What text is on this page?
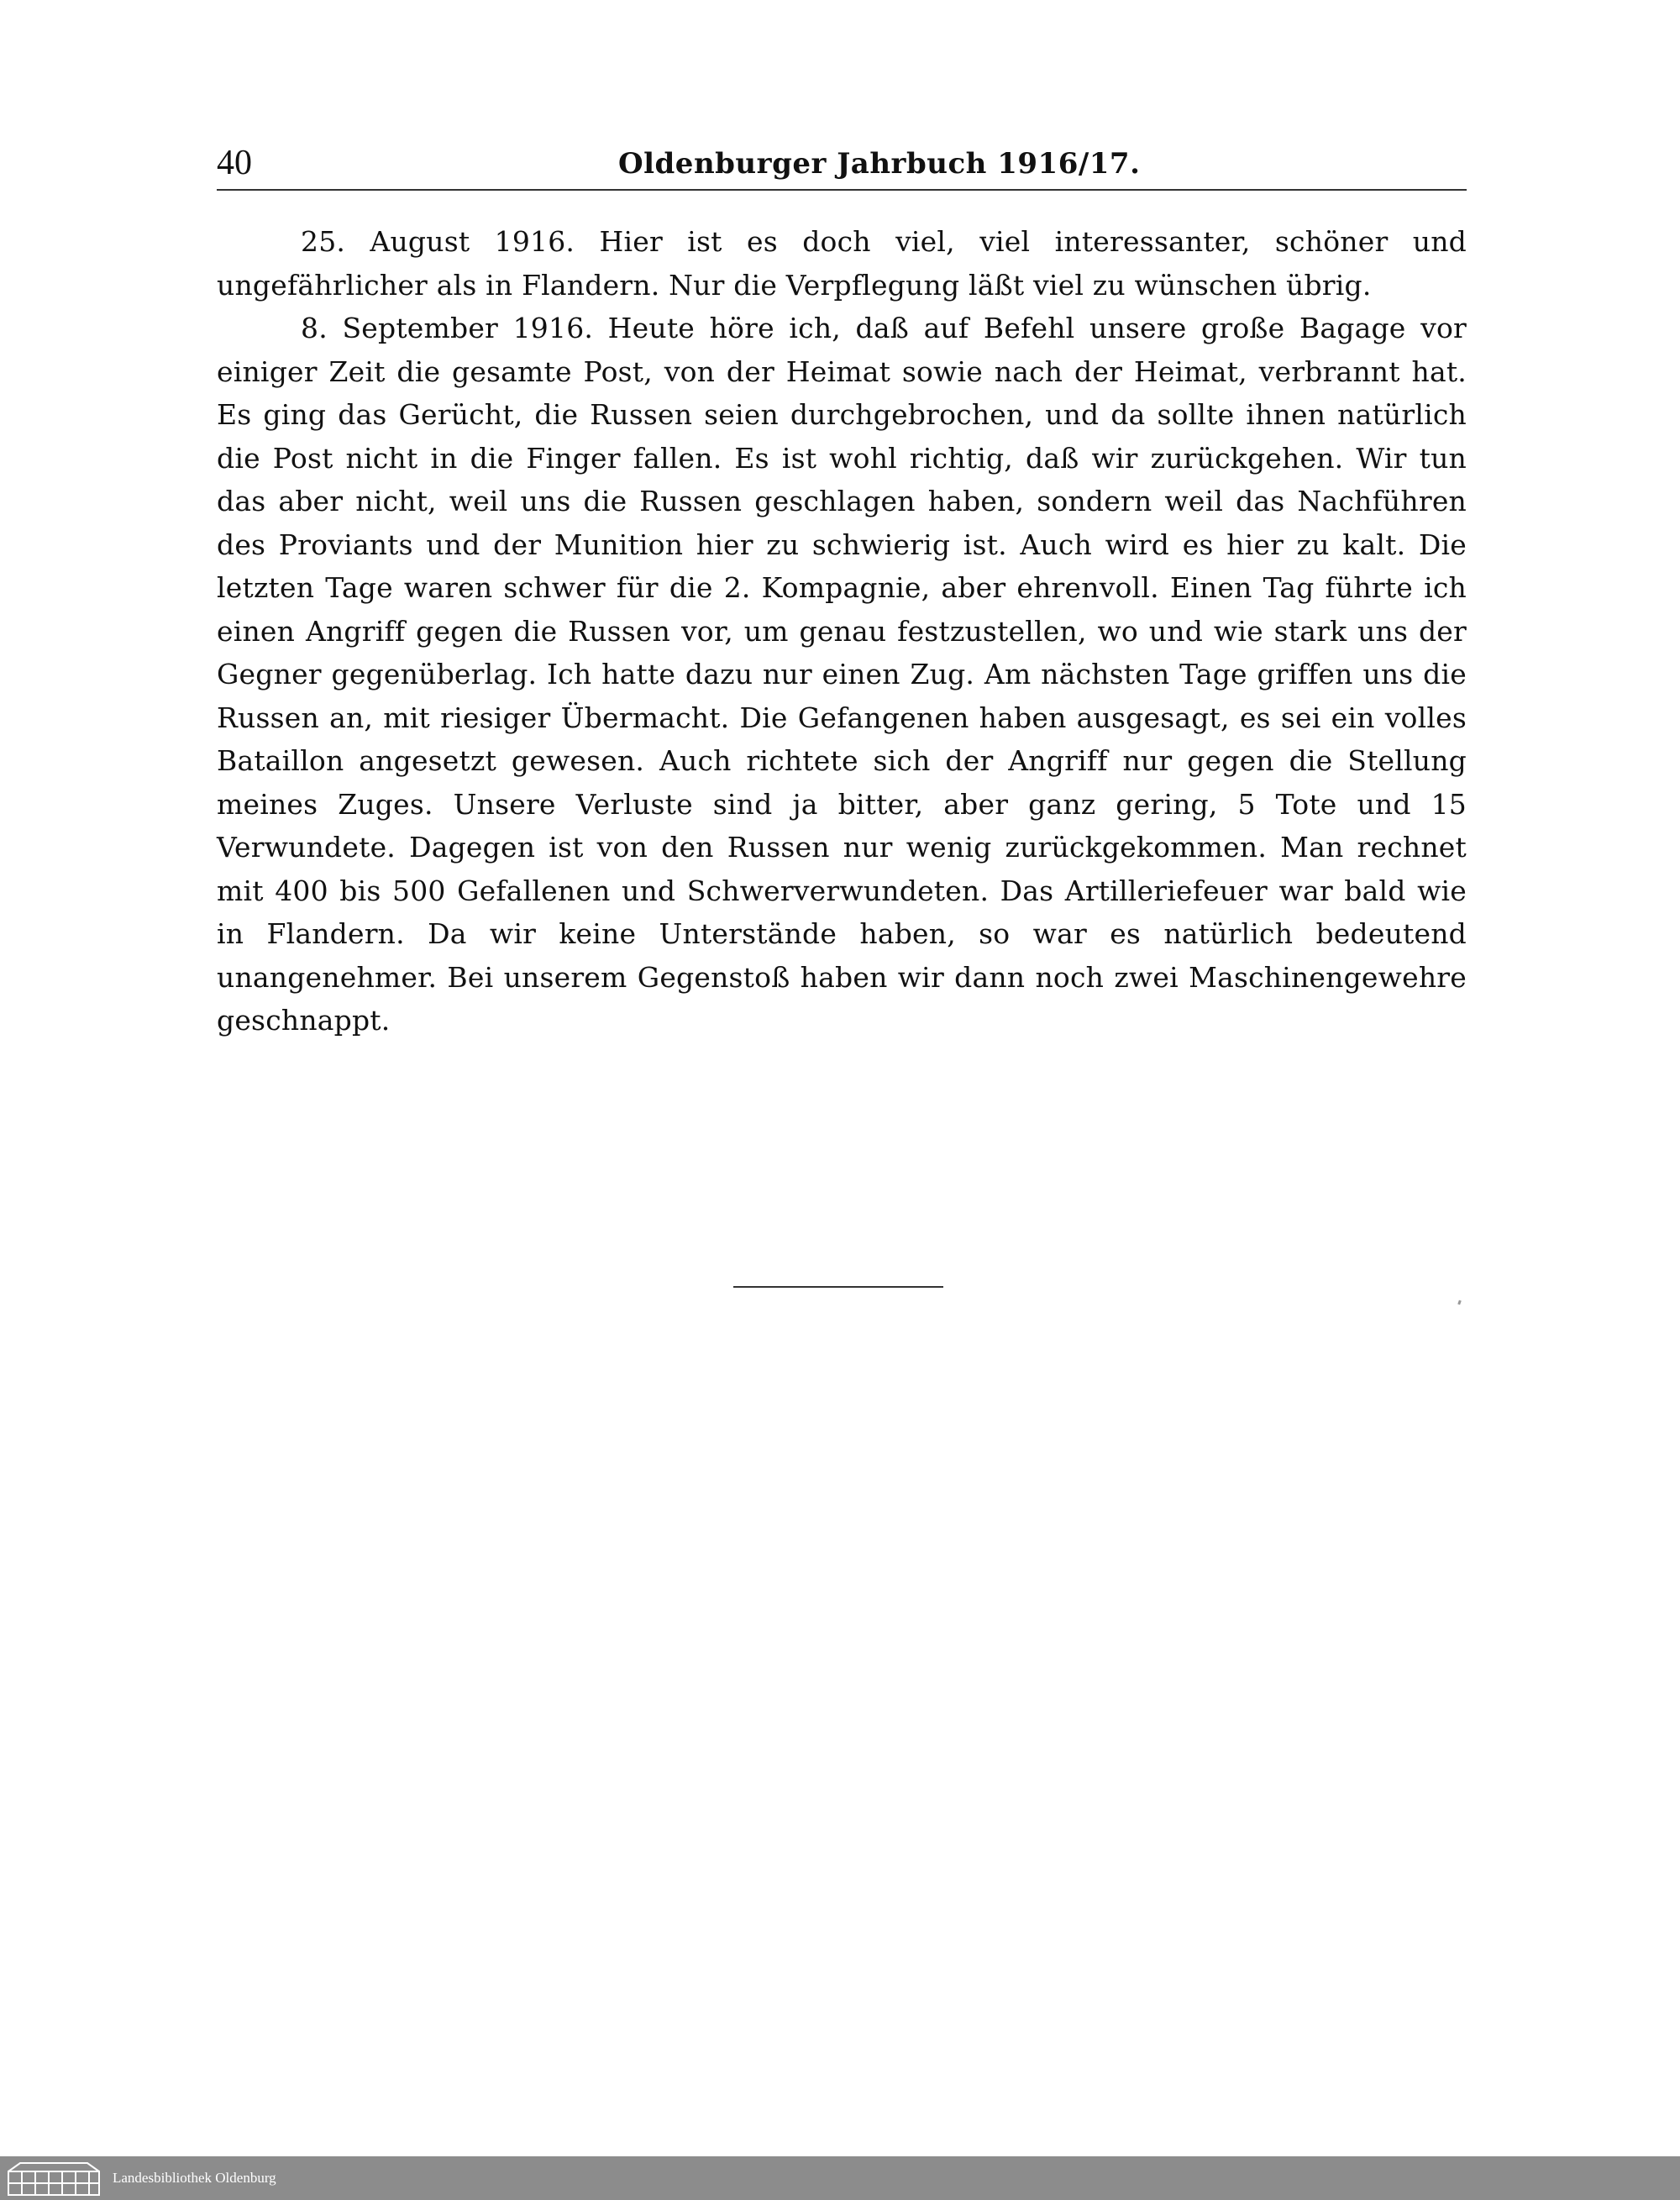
40	Oldenburger Jahrbuch 1916/17.

25. August 1916. Hier ist es doch viel, viel interessanter, schöner und ungefährlicher als in Flandern. Nur die Verpflegung läßt viel zu wünschen übrig.

8. September 1916. Heute höre ich, daß auf Befehl unsere große Bagage vor einiger Zeit die gesamte Post, von der Heimat sowie nach der Heimat, verbrannt hat. Es ging das Gerücht, die Russen seien durchgebrochen, und da sollte ihnen natürlich die Post nicht in die Finger fallen. Es ist wohl richtig, daß wir zurückgehen. Wir tun das aber nicht, weil uns die Russen geschlagen haben, sondern weil das Nachführen des Proviants und der Munition hier zu schwierig ist. Auch wird es hier zu kalt. Die letzten Tage waren schwer für die 2. Kompagnie, aber ehrenvoll. Einen Tag führte ich einen Angriff gegen die Russen vor, um genau festzustellen, wo und wie stark uns der Gegner gegenüberlag. Ich hatte dazu nur einen Zug. Am nächsten Tage griffen uns die Russen an, mit riesiger Übermacht. Die Gefangenen haben ausgesagt, es sei ein volles Bataillon angesetzt gewesen. Auch richtete sich der Angriff nur gegen die Stellung meines Zuges. Unsere Verluste sind ja bitter, aber ganz gering, 5 Tote und 15 Verwundete. Dagegen ist von den Russen nur wenig zurückgekommen. Man rechnet mit 400 bis 500 Gefallenen und Schwerverwundeten. Das Artilleriefeuer war bald wie in Flandern. Da wir keine Unterstände haben, so war es natürlich bedeutend unangenehmer. Bei unserem Gegenstoß haben wir dann noch zwei Maschinengewehre geschnappt.

Landesbibliothek Oldenburg
